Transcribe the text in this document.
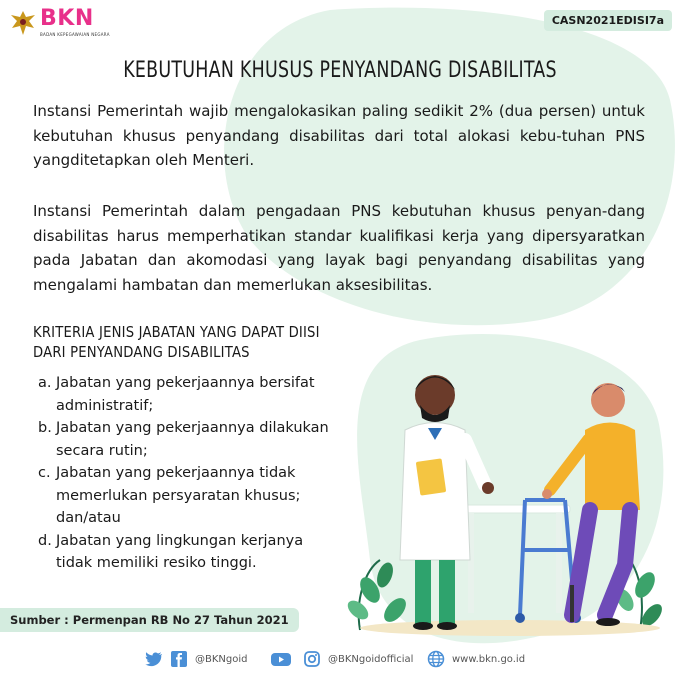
BKN
BADAN KEPEGAWAIAN NEGARA
CASN2021EDISI7a
KEBUTUHAN KHUSUS PENYANDANG DISABILITAS
Instansi Pemerintah wajib mengalokasikan paling sedikit 2% (dua persen) untuk kebutuhan khusus penyandang disabilitas dari total alokasi kebu-tuhan PNS yangditetapkan oleh Menteri.
Instansi Pemerintah dalam pengadaan PNS kebutuhan khusus penyan-dang disabilitas harus memperhatikan standar kualifikasi kerja yang dipersyaratkan pada Jabatan dan akomodasi yang layak bagi penyandang disabilitas yang mengalami hambatan dan memerlukan aksesibilitas.
KRITERIA JENIS JABATAN YANG DAPAT DIISI
DARI PENYANDANG DISABILITAS
a. Jabatan yang pekerjaannya bersifat
administratif;
b. Jabatan yang pekerjaannya dilakukan
secara rutin;
c. Jabatan yang pekerjaannya tidak
memerlukan persyaratan khusus;
dan/atau
d. Jabatan yang lingkungan kerjanya
tidak memiliki resiko tinggi.
Sumber : Permenpan RB No 27 Tahun 2021
@BKNgoid	@BKNgoidofficial	www.bkn.go.id
